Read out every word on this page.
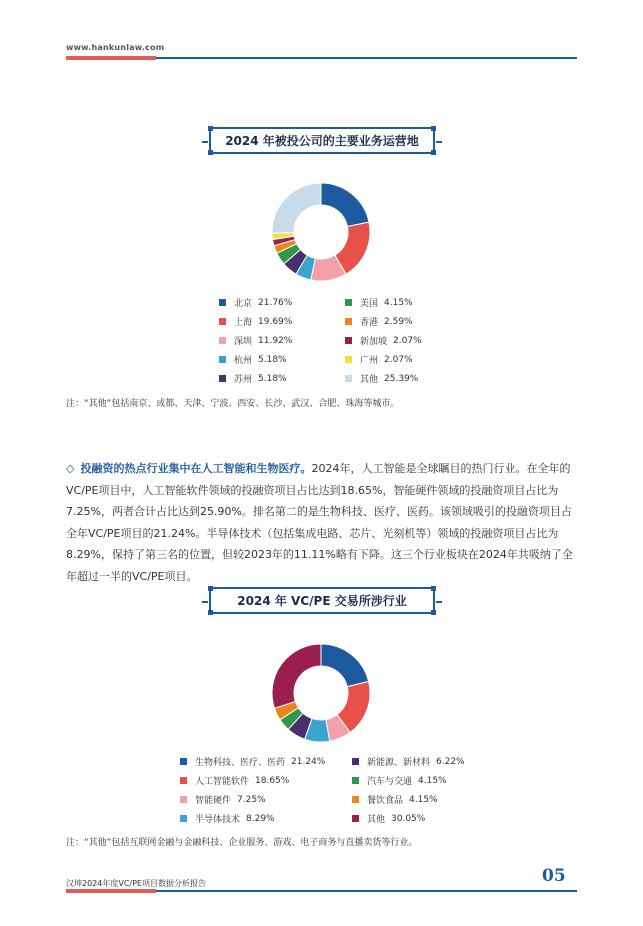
www.hankunlaw.com
2024 年被投公司的主要业务运营地
北京 21.76%
上海 19.69%
深圳 11.92%
杭州 5.18%
苏州 5.18%
美国 4.15%
香港 2.59%
新加坡 2.07%
广州 2.07%
其他 25.39%
注：“其他”包括南京、成都、天津、宁波、西安、长沙、武汉、合肥、珠海等城市。
◇ 投融资的热点行业集中在人工智能和生物医疗。2024年，人工智能是全球瞩目的热门行业。在全年的VC/PE项目中，人工智能软件领域的投融资项目占比达到18.65%，智能硬件领域的投融资项目占比为7.25%，两者合计占比达到25.90%。排名第二的是生物科技、医疗、医药。该领域吸引的投融资项目占全年VC/PE项目的21.24%。半导体技术（包括集成电路、芯片、光刻机等）领域的投融资项目占比为8.29%，保持了第三名的位置，但较2023年的11.11%略有下降。这三个行业板块在2024年共吸纳了全年超过一半的VC/PE项目。
2024 年 VC/PE 交易所涉行业
生物科技、医疗、医药 21.24%
人工智能软件 18.65%
智能硬件 7.25%
半导体技术 8.29%
新能源、新材料 6.22%
汽车与交通 4.15%
餐饮食品 4.15%
其他 30.05%
注：“其他”包括互联网金融与金融科技、企业服务、游戏、电子商务与直播卖货等行业。
汉坤2024年度VC/PE项目数据分析报告	05
